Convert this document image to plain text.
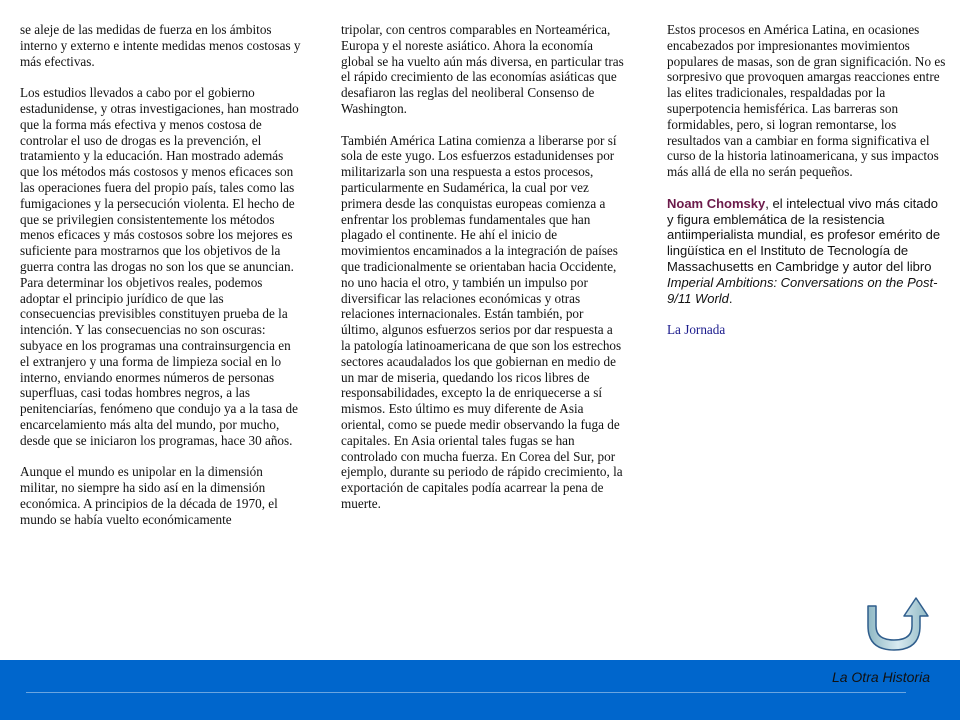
se aleje de las medidas de fuerza en los ámbitos interno y externo e intente medidas menos costosas y más efectivas.

Los estudios llevados a cabo por el gobierno estadunidense, y otras investigaciones, han mostrado que la forma más efectiva y menos costosa de controlar el uso de drogas es la prevención, el tratamiento y la educación. Han mostrado además que los métodos más costosos y menos eficaces son las operaciones fuera del propio país, tales como las fumigaciones y la persecución violenta. El hecho de que se privilegien consistentemente los métodos menos eficaces y más costosos sobre los mejores es suficiente para mostrarnos que los objetivos de la guerra contra las drogas no son los que se anuncian. Para determinar los objetivos reales, podemos adoptar el principio jurídico de que las consecuencias previsibles constituyen prueba de la intención. Y las consecuencias no son oscuras: subyace en los programas una contrainsurgencia en el extranjero y una forma de limpieza social en lo interno, enviando enormes números de personas superfluas, casi todas hombres negros, a las penitenciarías, fenómeno que condujo ya a la tasa de encarcelamiento más alta del mundo, por mucho, desde que se iniciaron los programas, hace 30 años.

Aunque el mundo es unipolar en la dimensión militar, no siempre ha sido así en la dimensión económica. A principios de la década de 1970, el mundo se había vuelto económicamente

tripolar, con centros comparables en Norteamérica, Europa y el noreste asiático. Ahora la economía global se ha vuelto aún más diversa, en particular tras el rápido crecimiento de las economías asiáticas que desafiaron las reglas del neoliberal Consenso de Washington.

También América Latina comienza a liberarse por sí sola de este yugo. Los esfuerzos estadunidenses por militarizarla son una respuesta a estos procesos, particularmente en Sudamérica, la cual por vez primera desde las conquistas europeas comienza a enfrentar los problemas fundamentales que han plagado el continente. He ahí el inicio de movimientos encaminados a la integración de países que tradicionalmente se orientaban hacia Occidente, no uno hacia el otro, y también un impulso por diversificar las relaciones económicas y otras relaciones internacionales. Están también, por último, algunos esfuerzos serios por dar respuesta a la patología latinoamericana de que son los estrechos sectores acaudalados los que gobiernan en medio de un mar de miseria, quedando los ricos libres de responsabilidades, excepto la de enriquecerse a sí mismos. Esto último es muy diferente de Asia oriental, como se puede medir observando la fuga de capitales. En Asia oriental tales fugas se han controlado con mucha fuerza. En Corea del Sur, por ejemplo, durante su periodo de rápido crecimiento, la exportación de capitales podía acarrear la pena de muerte.

Estos procesos en América Latina, en ocasiones encabezados por impresionantes movimientos populares de masas, son de gran significación. No es sorpresivo que provoquen amargas reacciones entre las elites tradicionales, respaldadas por la superpotencia hemisférica. Las barreras son formidables, pero, si logran remontarse, los resultados van a cambiar en forma significativa el curso de la historia latinoamericana, y sus impactos más allá de ella no serán pequeños.

Noam Chomsky, el intelectual vivo más citado y figura emblemática de la resistencia antiimperialista mundial, es profesor emérito de lingüística en el Instituto de Tecnología de Massachusetts en Cambridge y autor del libro Imperial Ambitions: Conversations on the Post-9/11 World.

La Jornada

La Otra Historia
